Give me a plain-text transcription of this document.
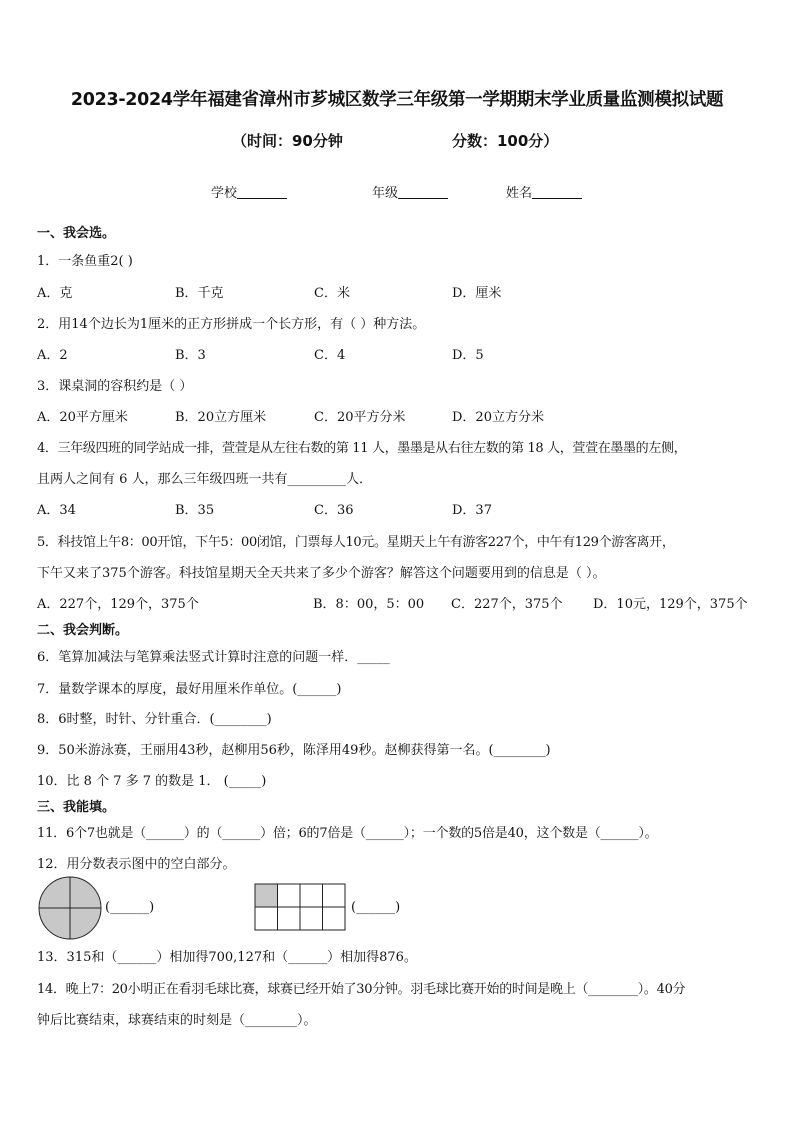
2023-2024学年福建省漳州市芗城区数学三年级第一学期期末学业质量监测模拟试题
（时间：90分钟	分数：100分）
学校	年级	姓名
一、我会选。
1．一条鱼重2( )
A．克	B．千克	C．米	D．厘米
2．用14个边长为1厘米的正方形拼成一个长方形，有（ ）种方法。
A．2	B．3	C．4	D．5
3．课桌洞的容积约是（ ）
A．20平方厘米	B．20立方厘米	C．20平方分米	D．20立方分米
4．三年级四班的同学站成一排，萱萱是从左往右数的第 11 人，墨墨是从右往左数的第 18 人，萱萱在墨墨的左侧，
且两人之间有 6 人，那么三年级四班一共有_________人．
A．34	B．35	C．36	D．37
5．科技馆上午8：00开馆，下午5：00闭馆，门票每人10元。星期天上午有游客227个，中午有129个游客离开，
下午又来了375个游客。科技馆星期天全天共来了多少个游客？解答这个问题要用到的信息是（ ）。
A．227个，129个，375个	B．8：00，5：00 C．227个，375个 D．10元，129个，375个
二、我会判断。
6．笔算加减法与笔算乘法竖式计算时注意的问题一样．_____
7．量数学课本的厚度，最好用厘米作单位。(______)
8．6时整，时针、分针重合．(________)
9．50米游泳赛，王丽用43秒，赵柳用56秒，陈泽用49秒。赵柳获得第一名。(________)
10．比 8 个 7 多 7 的数是 1． (_____)
三、我能填。
11．6个7也就是（______）的（______）倍；6的7倍是（______）；一个数的5倍是40，这个数是（______）。
12．用分数表示图中的空白部分。
(______)	(______)
13．315和（______）相加得700,127和（______）相加得876。
14．晚上7：20小明正在看羽毛球比赛，球赛已经开始了30分钟。羽毛球比赛开始的时间是晚上（________）。40分
钟后比赛结束，球赛结束的时刻是（________）。
